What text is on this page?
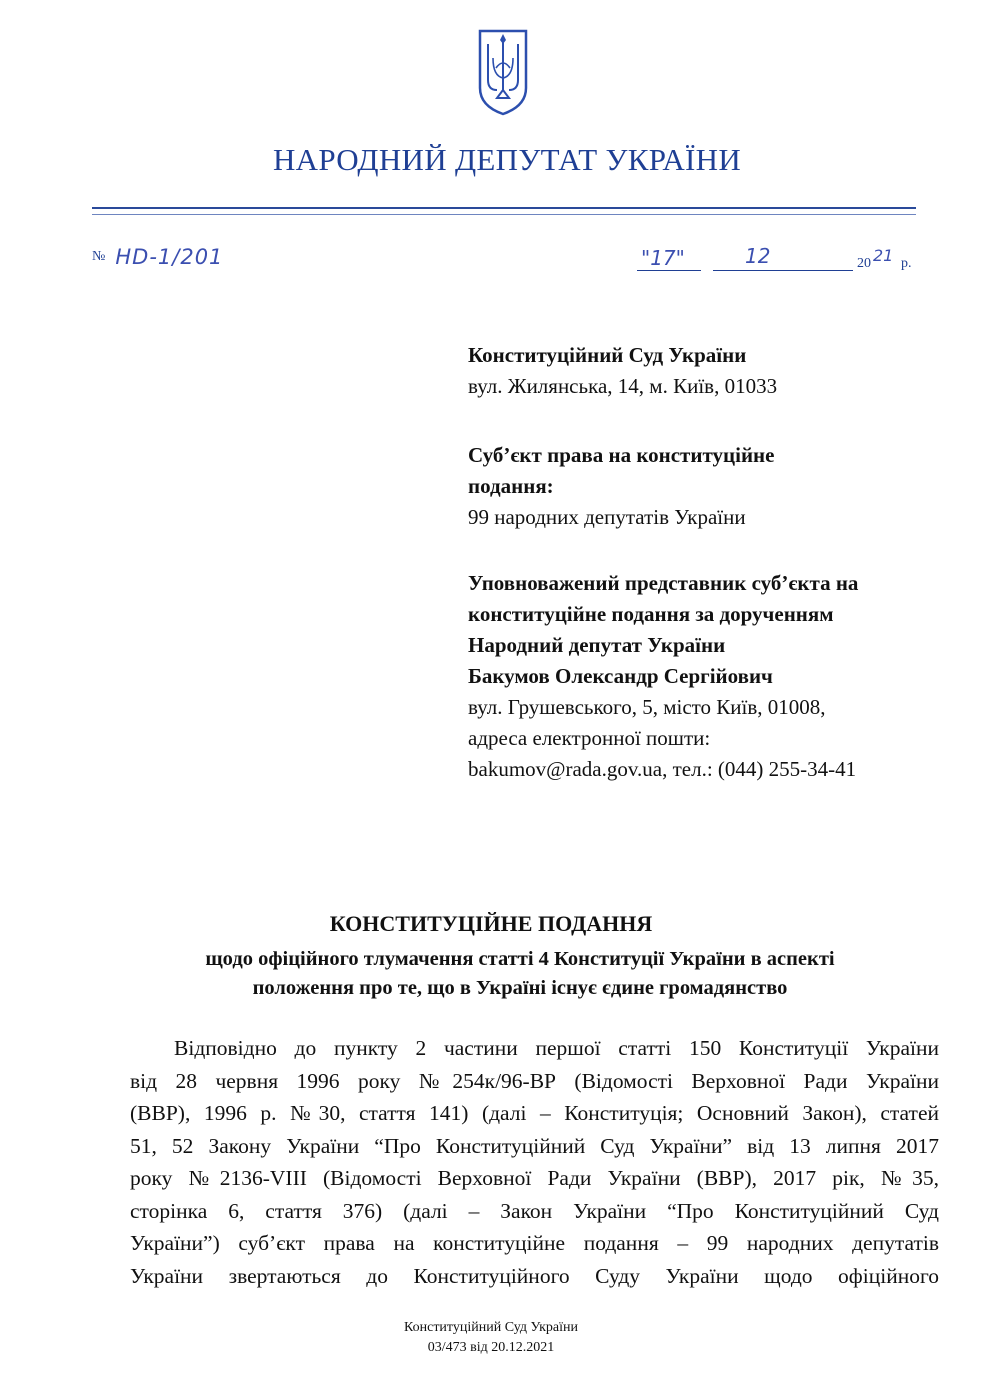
НАРОДНИЙ ДЕПУТАТ УКРАЇНИ
№ НD-1/201	"17"	12	20 21 р.
Конституційний Суд України
вул. Жилянська, 14, м. Київ, 01033
Суб’єкт права на конституційне
подання:
99 народних депутатів України
Уповноважений представник суб’єкта на
конституційне подання за дорученням
Народний депутат України
Бакумов Олександр Сергійович
вул. Грушевського, 5, місто Київ, 01008,
адреса електронної пошти:
bakumov@rada.gov.ua, тел.: (044) 255-34-41
КОНСТИТУЦІЙНЕ ПОДАННЯ
щодо офіційного тлумачення статті 4 Конституції України в аспекті
положення про те, що в Україні існує єдине громадянство
Відповідно до пункту 2 частини першої статті 150 Конституції України
від 28 червня 1996 року №254к/96-ВР (Відомості Верховної Ради України
(ВВР), 1996 р. №30, стаття 141) (далі – Конституція; Основний Закон), статей
51, 52 Закону України “Про Конституційний Суд України” від 13 липня 2017
року №2136-VIII (Відомості Верховної Ради України (ВВР), 2017 рік, №35,
сторінка 6, стаття 376) (далі – Закон України “Про Конституційний Суд
України”) суб’єкт права на конституційне подання – 99 народних депутатів
України звертаються до Конституційного Суду України щодо офіційного
Конституційний Суд України
03/473 від 20.12.2021
